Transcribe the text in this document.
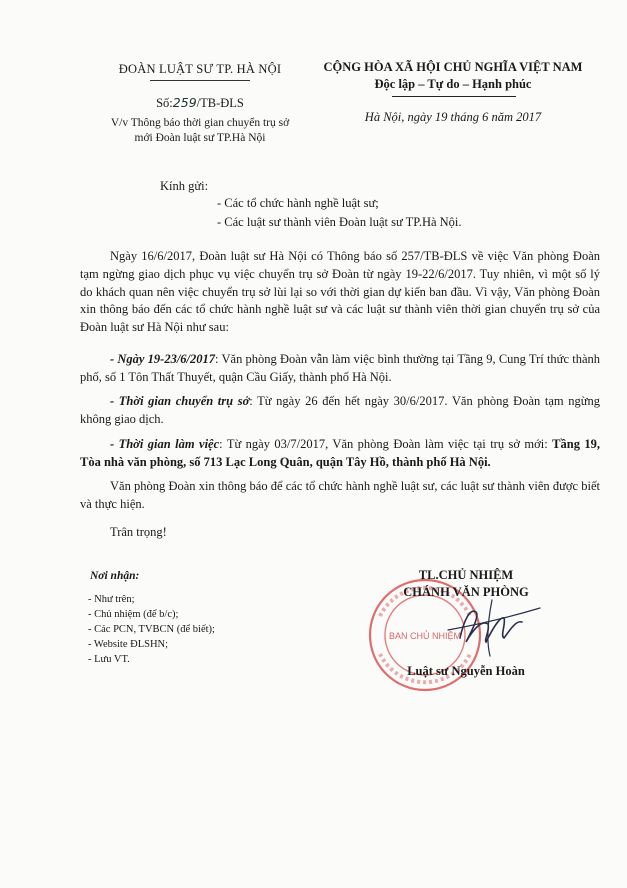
ĐOÀN LUẬT SƯ TP. HÀ NỘI
Số:259/TB-ĐLS
V/v Thông báo thời gian chuyển trụ sở
mới Đoàn luật sư TP.Hà Nội
CỘNG HÒA XÃ HỘI CHỦ NGHĨA VIỆT NAM
Độc lập – Tự do – Hạnh phúc
Hà Nội, ngày 19 tháng 6 năm 2017
Kính gửi:
- Các tổ chức hành nghề luật sư;
- Các luật sư thành viên Đoàn luật sư TP.Hà Nội.

Ngày 16/6/2017, Đoàn luật sư Hà Nội có Thông báo số 257/TB-ĐLS về việc Văn phòng Đoàn tạm ngừng giao dịch phục vụ việc chuyển trụ sở Đoàn từ ngày 19-22/6/2017. Tuy nhiên, vì một số lý do khách quan nên việc chuyển trụ sở lùi lại so với thời gian dự kiến ban đầu. Vì vậy, Văn phòng Đoàn xin thông báo đến các tổ chức hành nghề luật sư và các luật sư thành viên thời gian chuyển trụ sở của Đoàn luật sư Hà Nội như sau:

- Ngày 19-23/6/2017: Văn phòng Đoàn vẫn làm việc bình thường tại Tầng 9, Cung Trí thức thành phố, số 1 Tôn Thất Thuyết, quận Cầu Giấy, thành phố Hà Nội.

- Thời gian chuyển trụ sở: Từ ngày 26 đến hết ngày 30/6/2017. Văn phòng Đoàn tạm ngừng không giao dịch.

- Thời gian làm việc: Từ ngày 03/7/2017, Văn phòng Đoàn làm việc tại trụ sở mới: Tầng 19, Tòa nhà văn phòng, số 713 Lạc Long Quân, quận Tây Hồ, thành phố Hà Nội.

Văn phòng Đoàn xin thông báo để các tổ chức hành nghề luật sư, các luật sư thành viên được biết và thực hiện.

Trân trọng!
Nơi nhận:
- Như trên;
- Chủ nhiệm (để b/c);
- Các PCN, TVBCN (để biết);
- Website ĐLSHN;
- Lưu VT.
BAN CHỦ NHIỆM
TL.CHỦ NHIỆM
CHÁNH VĂN PHÒNG
Luật sư Nguyễn Hoàn
